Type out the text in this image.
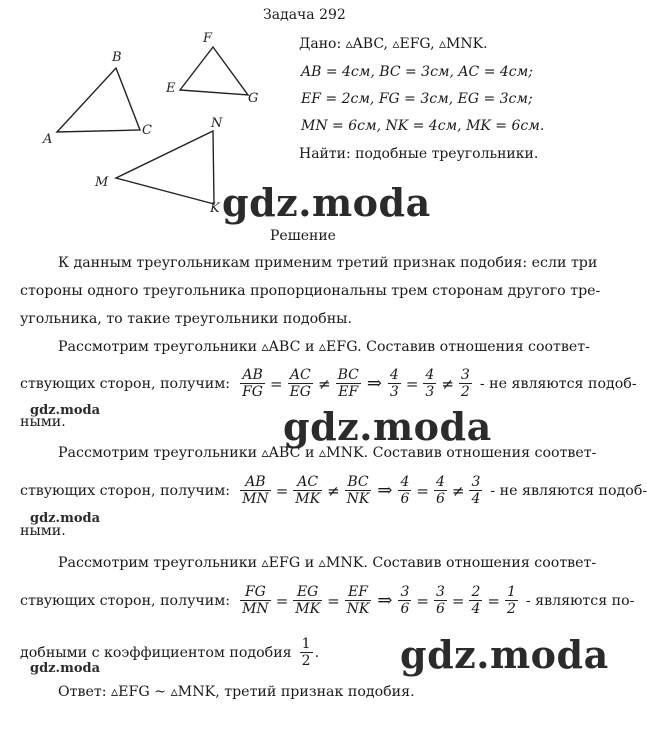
Задача 292
A
B
C
E
F
G
M
N
K
Дано: ▵ABC, ▵EFG, ▵MNK.
AB = 4см, BC = 3см, AC = 4см;
EF = 2см, FG = 3см, EG = 3см;
MN = 6см, NK = 4см, MK = 6см.
Найти: подобные треугольники.
gdz.moda
Решение
К данным треугольникам применим третий признак подобия: если три
стороны одного треугольника пропорциональны трем сторонам другого тре-
угольника, то такие треугольники подобны.
Рассмотрим треугольники ▵ABC и ▵EFG. Составив отношения соответ-
ствующих сторон, получим: $\frac{AB}{FG} = \frac{AC}{EG} \ne \frac{BC}{EF}$ ⇒ $\frac{4}{3} = \frac{4}{3} \ne \frac{3}{2}$ - не являются подоб-
gdz.moda
ными.	gdz.moda
Рассмотрим треугольники ▵ABC и ▵MNK. Составив отношения соответ-
ствующих сторон, получим: $\frac{AB}{MN} = \frac{AC}{MK} \ne \frac{BC}{NK}$ ⇒ $\frac{4}{6} = \frac{4}{6} \ne \frac{3}{4}$ - не являются подоб-
gdz.moda
ными.
Рассмотрим треугольники ▵EFG и ▵MNK. Составив отношения соответ-
ствующих сторон, получим: $\frac{FG}{MN} = \frac{EG}{MK} = \frac{EF}{NK}$ ⇒ $\frac{3}{6} = \frac{3}{6} = \frac{2}{4} = \frac{1}{2}$ - являются по-
добными с коэффициентом подобия $\frac{1}{2}$ . gdz.moda
gdz.moda
Ответ: ▵EFG ~ ▵MNK, третий признак подобия.
